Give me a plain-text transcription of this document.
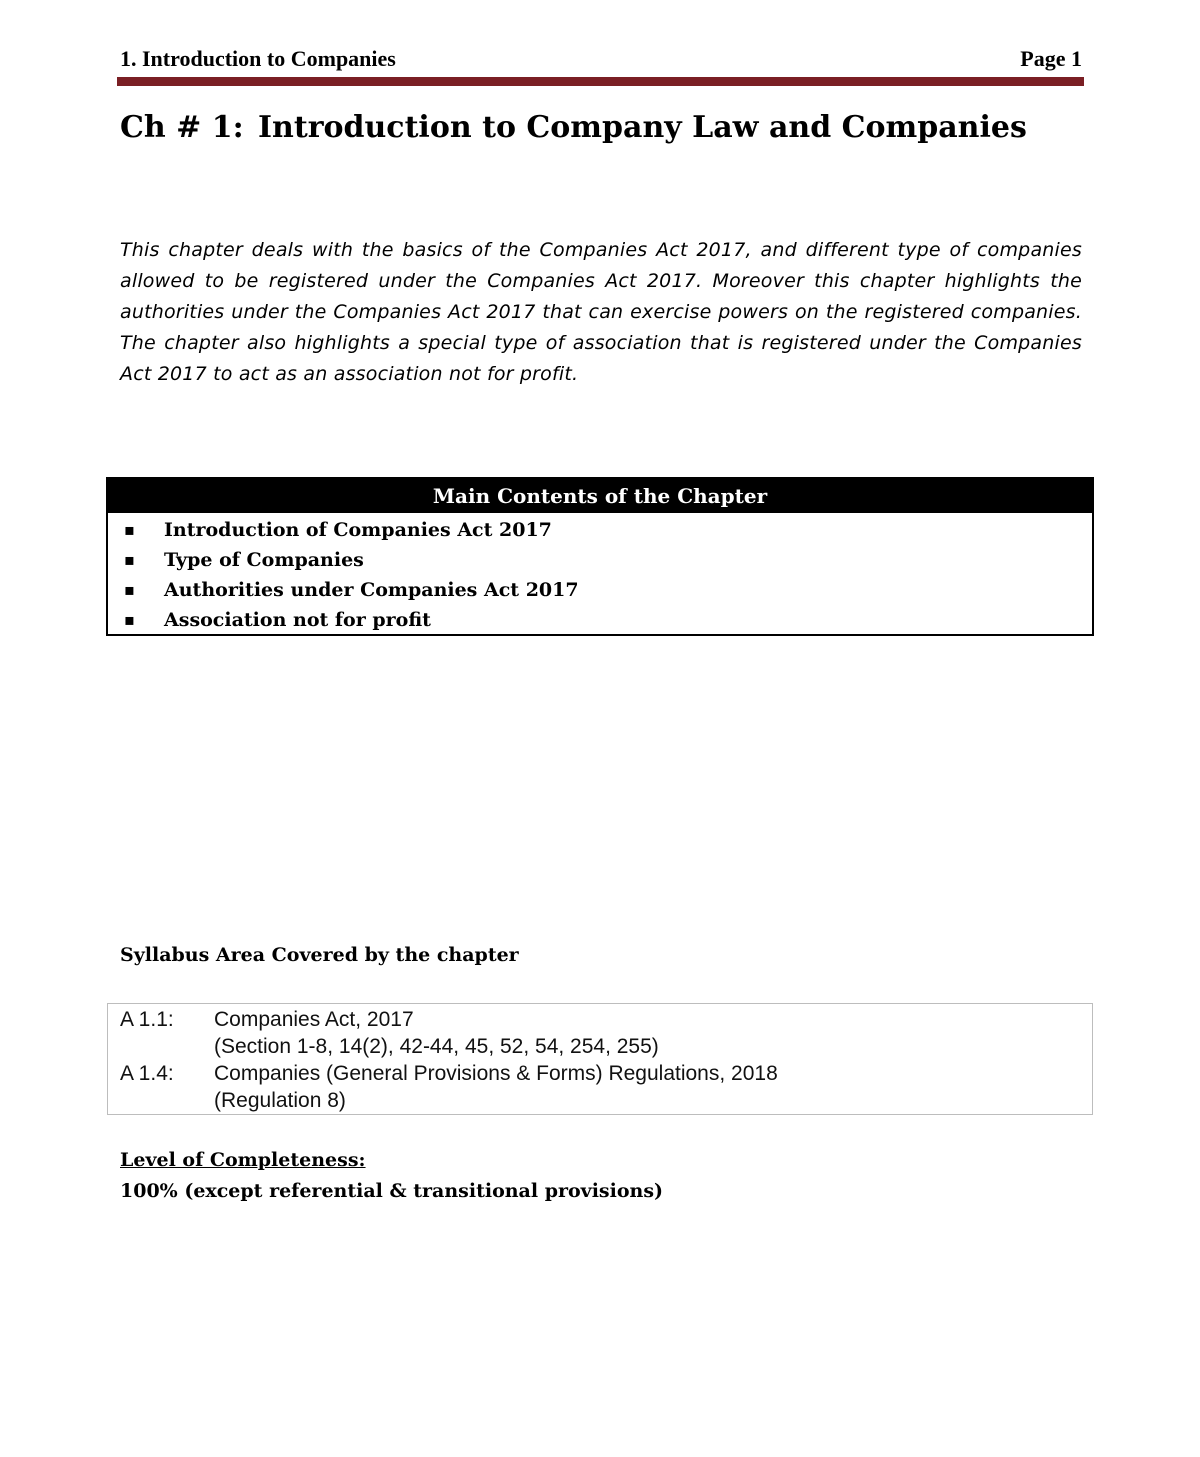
1. Introduction to Companies	Page 1
Ch # 1: Introduction to Company Law and Companies

This chapter deals with the basics of the Companies Act 2017, and different type of companies allowed to be registered under the Companies Act 2017. Moreover this chapter highlights the authorities under the Companies Act 2017 that can exercise powers on the registered companies. The chapter also highlights a special type of association that is registered under the Companies Act 2017 to act as an association not for profit.

Main Contents of the Chapter
▪ Introduction of Companies Act 2017
▪ Type of Companies
▪ Authorities under Companies Act 2017
▪ Association not for profit
Syllabus Area Covered by the chapter
A 1.1: Companies Act, 2017
(Section 1-8, 14(2), 42-44, 45, 52, 54, 254, 255)
A 1.4: Companies (General Provisions & Forms) Regulations, 2018
(Regulation 8)

Level of Completeness:

100% (except referential & transitional provisions)
